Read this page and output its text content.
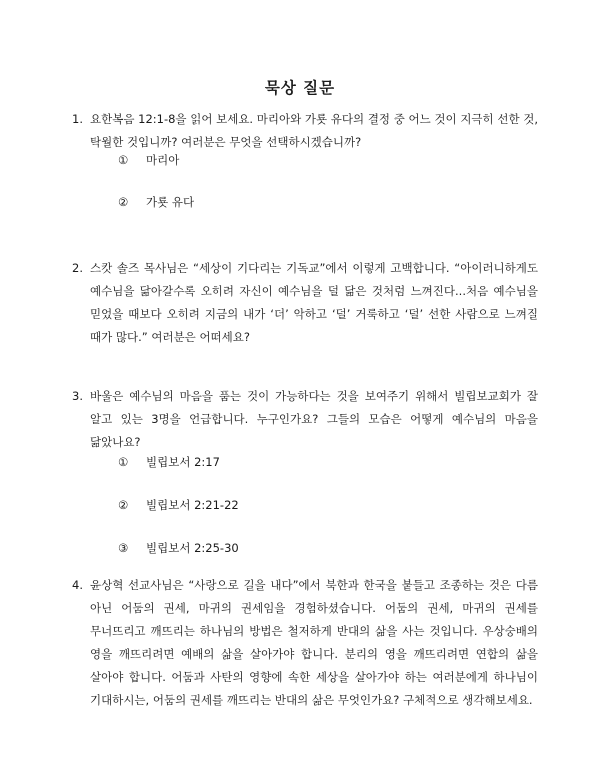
묵상 질문
1. 요한복음 12:1-8을 읽어 보세요. 마리아와 가룟 유다의 결정 중 어느 것이 지극히 선한 것, 탁월한 것입니까? 여러분은 무엇을 선택하시겠습니까?
① 마리아
② 가룟 유다
2. 스캇 솔즈 목사님은 “세상이 기다리는 기독교”에서 이렇게 고백합니다. “아이러니하게도 예수님을 닮아갈수록 오히려 자신이 예수님을 덜 닮은 것처럼 느껴진다...처음 예수님을 믿었을 때보다 오히려 지금의 내가 ‘더’ 악하고 ‘덜’ 거룩하고 ‘덜’ 선한 사람으로 느껴질 때가 많다.” 여러분은 어떠세요?
3. 바울은 예수님의 마음을 품는 것이 가능하다는 것을 보여주기 위해서 빌립보교회가 잘 알고 있는 3명을 언급합니다. 누구인가요? 그들의 모습은 어떻게 예수님의 마음을 닮았나요?
① 빌립보서 2:17
② 빌립보서 2:21-22
③ 빌립보서 2:25-30
4. 윤상혁 선교사님은 “사랑으로 길을 내다”에서 북한과 한국을 붙들고 조종하는 것은 다름 아닌 어둠의 권세, 마귀의 권세임을 경험하셨습니다. 어둠의 권세, 마귀의 권세를 무너뜨리고 깨뜨리는 하나님의 방법은 철저하게 반대의 삶을 사는 것입니다. 우상숭배의 영을 깨뜨리려면 예배의 삶을 살아가야 합니다. 분리의 영을 깨뜨리려면 연합의 삶을 살아야 합니다. 어둠과 사탄의 영향에 속한 세상을 살아가야 하는 여러분에게 하나님이 기대하시는, 어둠의 권세를 깨뜨리는 반대의 삶은 무엇인가요? 구체적으로 생각해보세요.
